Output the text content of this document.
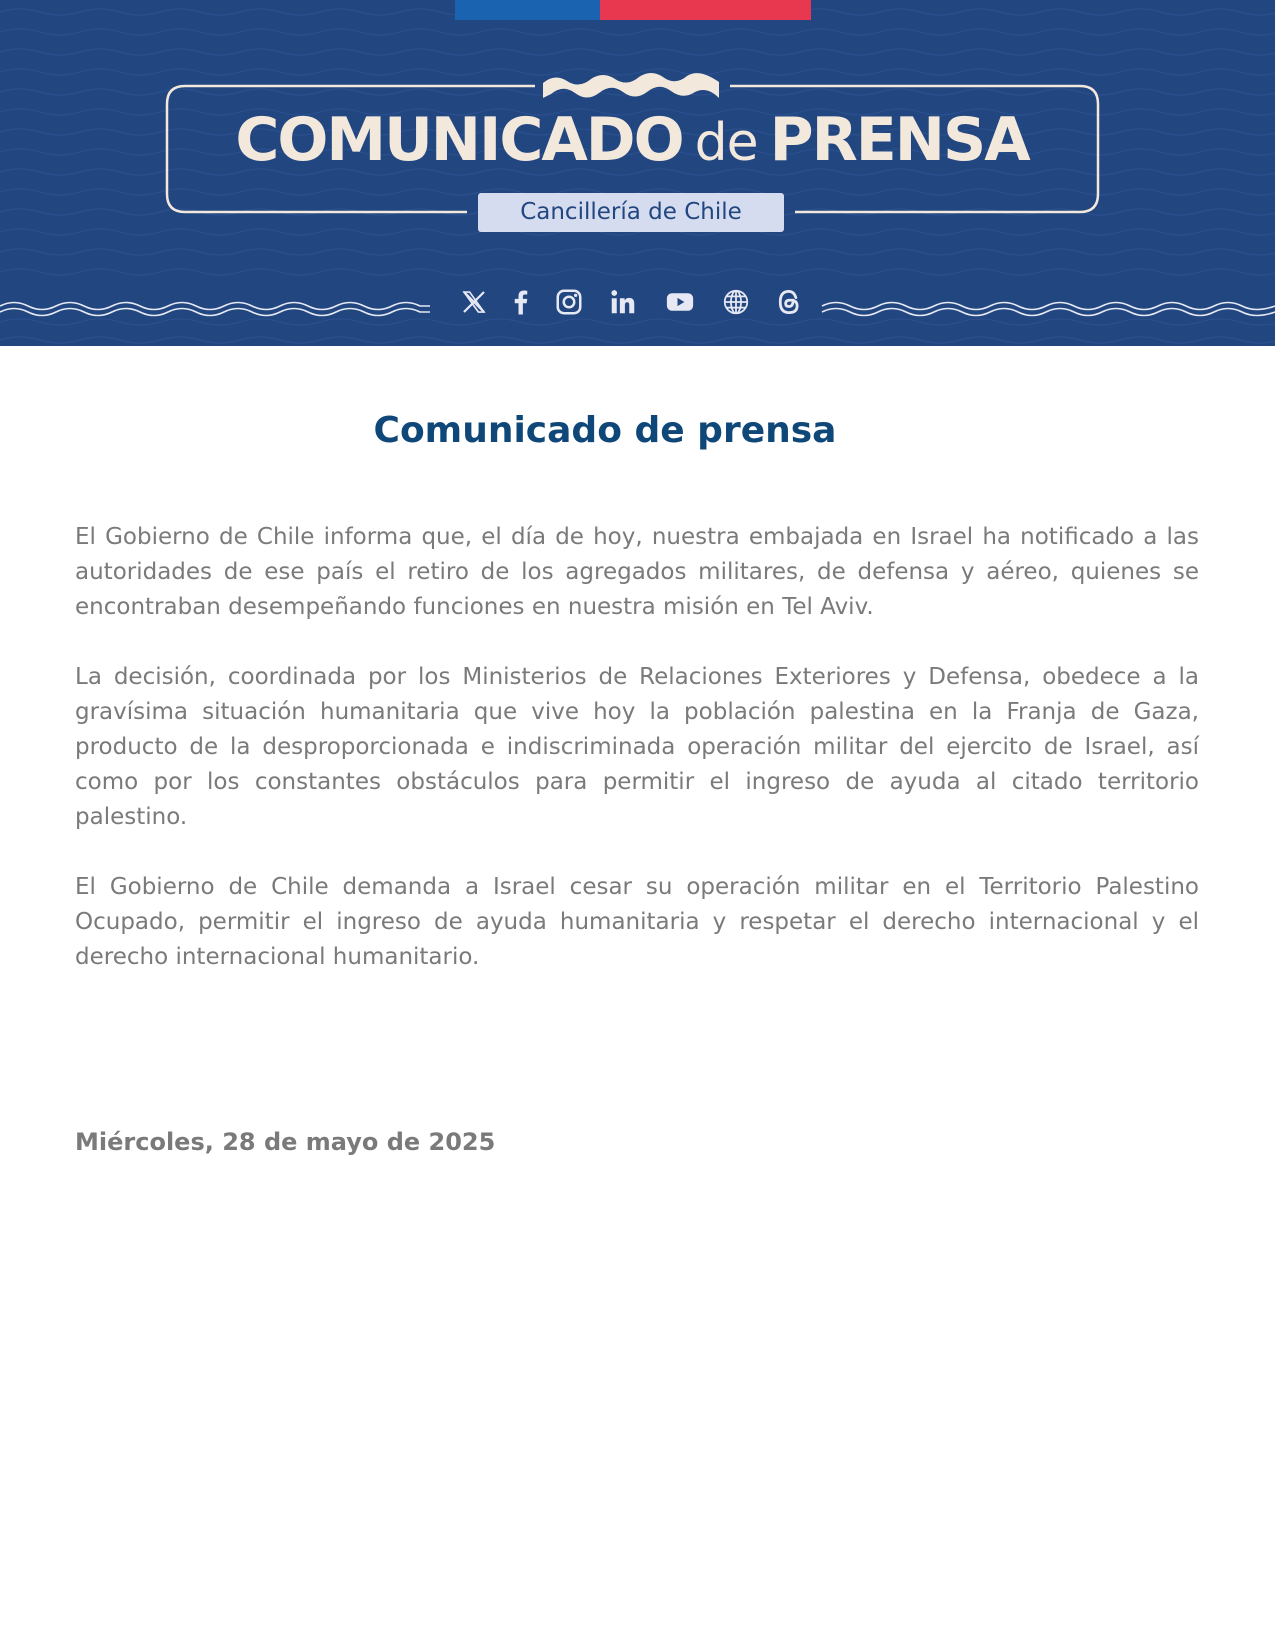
COMUNICADO de PRENSA
Cancillería de Chile
Comunicado de prensa

El Gobierno de Chile informa que, el día de hoy, nuestra embajada en Israel ha notificado a las autoridades de ese país el retiro de los agregados militares, de defensa y aéreo, quienes se encontraban desempeñando funciones en nuestra misión en Tel Aviv.

La decisión, coordinada por los Ministerios de Relaciones Exteriores y Defensa, obedece a la gravísima situación humanitaria que vive hoy la población palestina en la Franja de Gaza, producto de la desproporcionada e indiscriminada operación militar del ejercito de Israel, así como por los constantes obstáculos para permitir el ingreso de ayuda al citado territorio palestino.

El Gobierno de Chile demanda a Israel cesar su operación militar en el Territorio Palestino Ocupado, permitir el ingreso de ayuda humanitaria y respetar el derecho internacional y el derecho internacional humanitario.

Miércoles, 28 de mayo de 2025
